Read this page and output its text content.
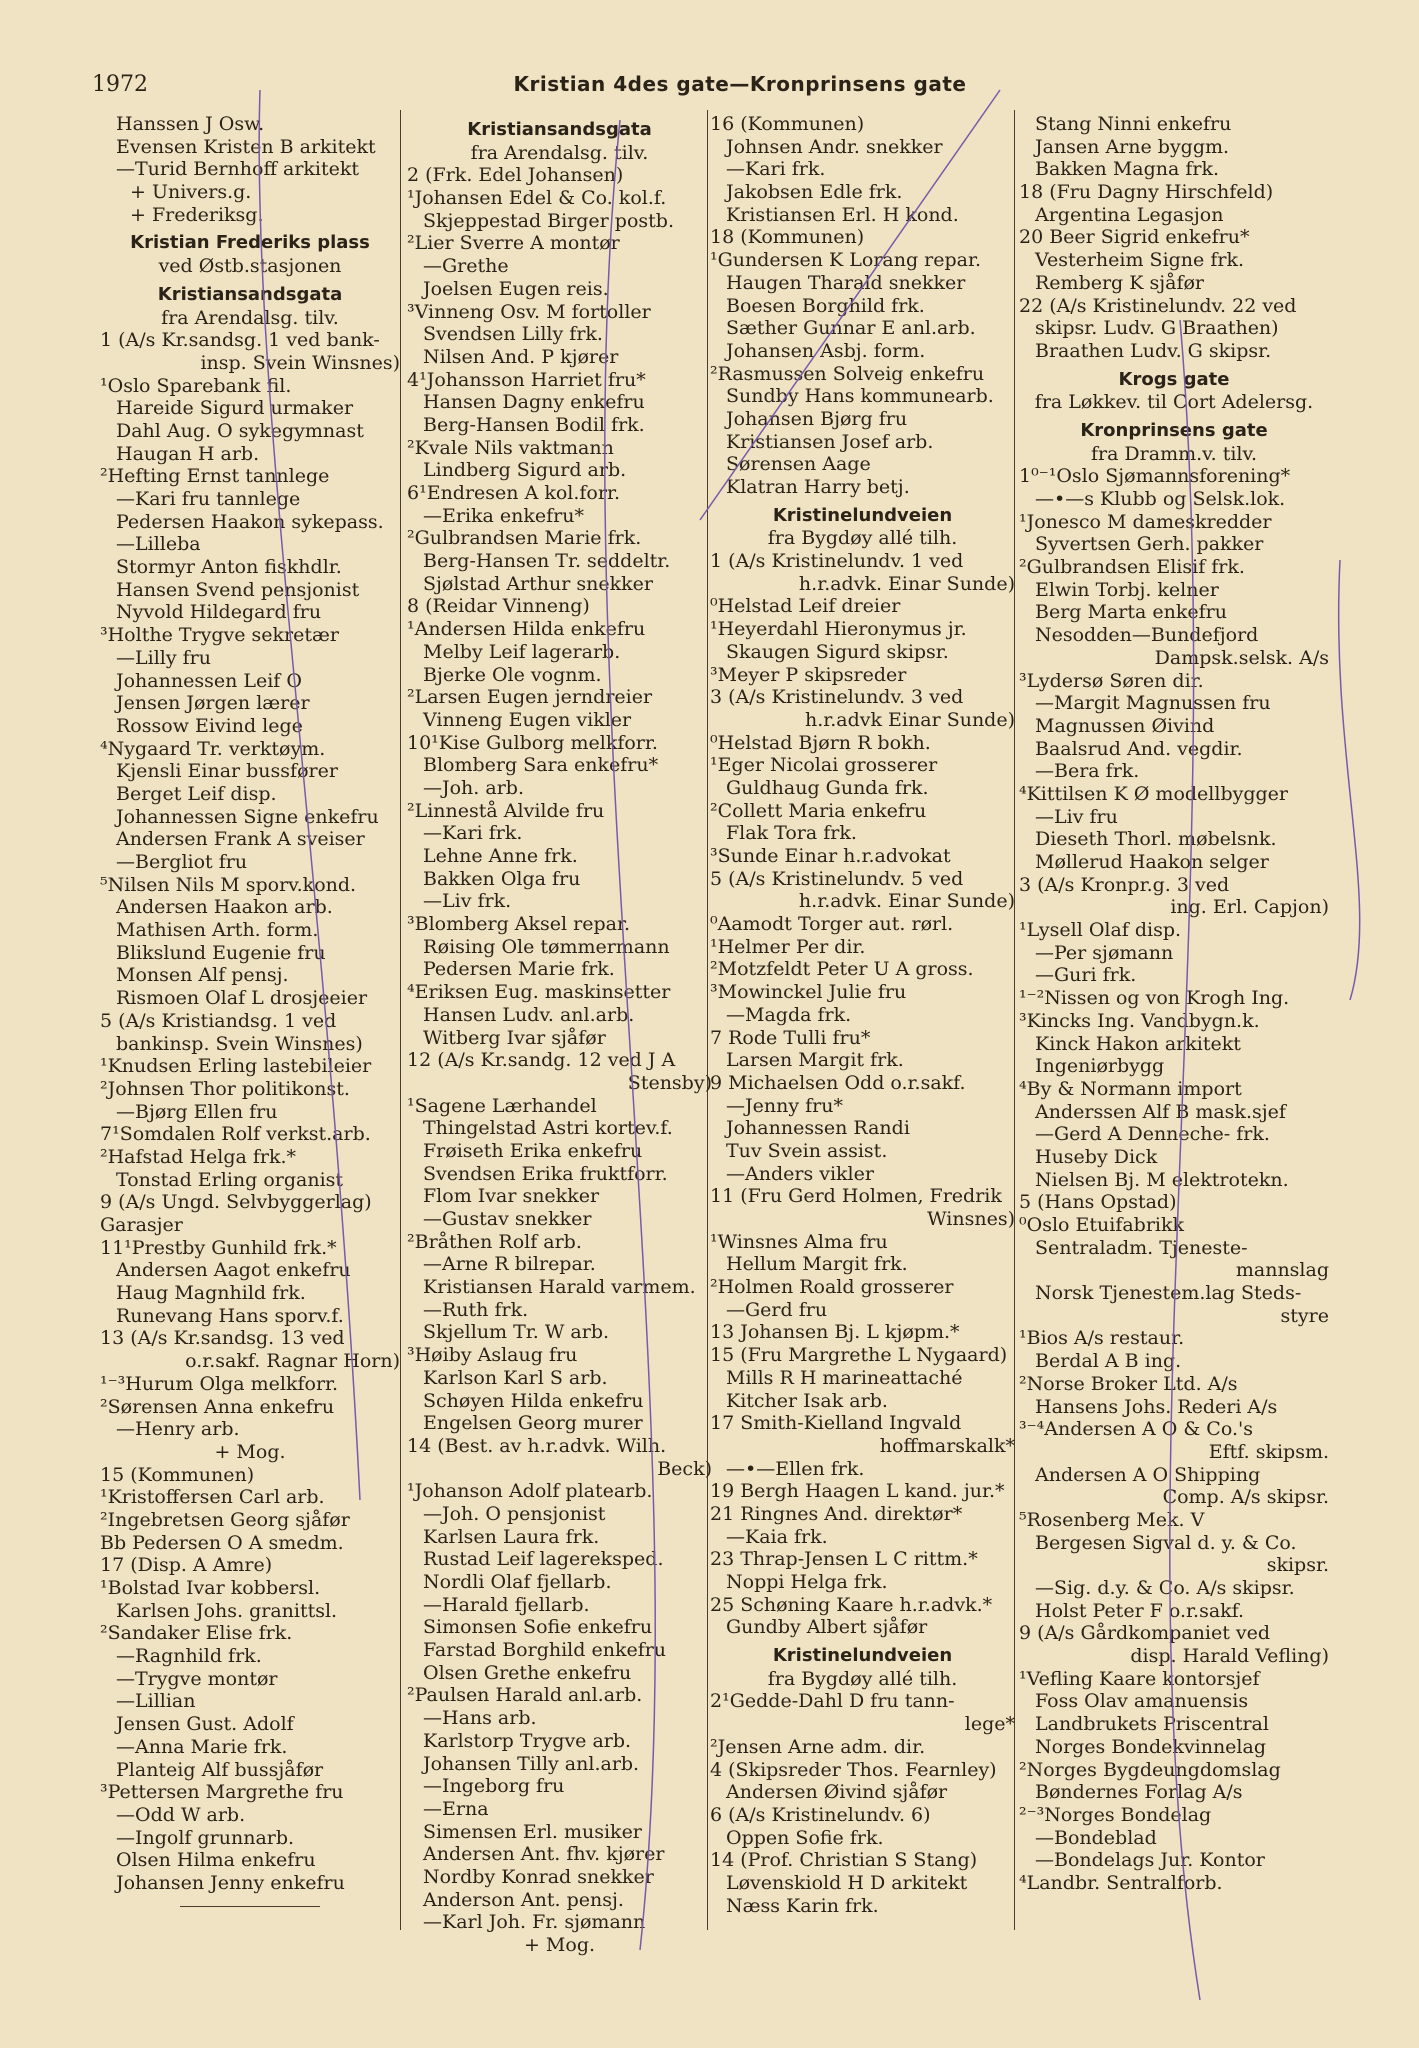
1972	Kristian 4des gate—Kronprinsens gate
Hanssen J Osw.
Evensen Kristen B arkitekt
—Turid Bernhoff arkitekt
+ Univers.g.
+ Frederiksg.
Kristian Frederiks plass
ved Østb.stasjonen
Kristiansandsgata
fra Arendalsg. tilv.
1 (A/s Kr.sandsg. 1 ved bank-
insp. Svein Winsnes)
¹Oslo Sparebank fil.
Hareide Sigurd urmaker
Dahl Aug. O sykegymnast
Haugan H arb.
²Hefting Ernst tannlege
—Kari fru tannlege
Pedersen Haakon sykepass.
—Lilleba
Stormyr Anton fiskhdlr.
Hansen Svend pensjonist
Nyvold Hildegard fru
³Holthe Trygve sekretær
—Lilly fru
Johannessen Leif O
Jensen Jørgen lærer
Rossow Eivind lege
⁴Nygaard Tr. verktøym.
Kjensli Einar bussfører
Berget Leif disp.
Johannessen Signe enkefru
Andersen Frank A sveiser
—Bergliot fru
⁵Nilsen Nils M sporv.kond.
Andersen Haakon arb.
Mathisen Arth. form.
Blikslund Eugenie fru
Monsen Alf pensj.
Rismoen Olaf L drosjeeier
5 (A/s Kristiandsg. 1 ved
bankinsp. Svein Winsnes)
¹Knudsen Erling lastebileier
²Johnsen Thor politikonst.
—Bjørg Ellen fru
7¹Somdalen Rolf verkst.arb.
²Hafstad Helga frk.*
Tonstad Erling organist
9 (A/s Ungd. Selvbyggerlag)
Garasjer
11¹Prestby Gunhild frk.*
Andersen Aagot enkefru
Haug Magnhild frk.
Runevang Hans sporv.f.
13 (A/s Kr.sandsg. 13 ved
o.r.sakf. Ragnar Horn)
¹⁻³Hurum Olga melkforr.
²Sørensen Anna enkefru
—Henry arb.
+ Mog.
15 (Kommunen)
¹Kristoffersen Carl arb.
²Ingebretsen Georg sjåfør
Bb Pedersen O A smedm.
17 (Disp. A Amre)
¹Bolstad Ivar kobbersl.
Karlsen Johs. granittsl.
²Sandaker Elise frk.
—Ragnhild frk.
—Trygve montør
—Lillian
Jensen Gust. Adolf
—Anna Marie frk.
Planteig Alf bussjåfør
³Pettersen Margrethe fru
—Odd W arb.
—Ingolf grunnarb.
Olsen Hilma enkefru
Johansen Jenny enkefru
Kristiansandsgata
fra Arendalsg. tilv.
2 (Frk. Edel Johansen)
¹Johansen Edel & Co. kol.f.
Skjeppestad Birger postb.
²Lier Sverre A montør
—Grethe
Joelsen Eugen reis.
³Vinneng Osv. M fortoller
Svendsen Lilly frk.
Nilsen And. P kjører
4¹Johansson Harriet fru*
Hansen Dagny enkefru
Berg-Hansen Bodil frk.
²Kvale Nils vaktmann
Lindberg Sigurd arb.
6¹Endresen A kol.forr.
—Erika enkefru*
²Gulbrandsen Marie frk.
Berg-Hansen Tr. seddeltr.
Sjølstad Arthur snekker
8 (Reidar Vinneng)
¹Andersen Hilda enkefru
Melby Leif lagerarb.
Bjerke Ole vognm.
²Larsen Eugen jerndreier
Vinneng Eugen vikler
10¹Kise Gulborg melkforr.
Blomberg Sara enkefru*
—Joh. arb.
²Linnestå Alvilde fru
—Kari frk.
Lehne Anne frk.
Bakken Olga fru
—Liv frk.
³Blomberg Aksel repar.
Røising Ole tømmermann
Pedersen Marie frk.
⁴Eriksen Eug. maskinsetter
Hansen Ludv. anl.arb.
Witberg Ivar sjåfør
12 (A/s Kr.sandg. 12 ved J A
Stensby)
¹Sagene Lærhandel
Thingelstad Astri kortev.f.
Frøiseth Erika enkefru
Svendsen Erika fruktforr.
Flom Ivar snekker
—Gustav snekker
²Bråthen Rolf arb.
—Arne R bilrepar.
Kristiansen Harald varmem.
—Ruth frk.
Skjellum Tr. W arb.
³Høiby Aslaug fru
Karlson Karl S arb.
Schøyen Hilda enkefru
Engelsen Georg murer
14 (Best. av h.r.advk. Wilh.
Beck)
¹Johanson Adolf platearb.
—Joh. O pensjonist
Karlsen Laura frk.
Rustad Leif lagereksped.
Nordli Olaf fjellarb.
—Harald fjellarb.
Simonsen Sofie enkefru
Farstad Borghild enkefru
Olsen Grethe enkefru
²Paulsen Harald anl.arb.
—Hans arb.
Karlstorp Trygve arb.
Johansen Tilly anl.arb.
—Ingeborg fru
—Erna
Simensen Erl. musiker
Andersen Ant. fhv. kjører
Nordby Konrad snekker
Anderson Ant. pensj.
—Karl Joh. Fr. sjømann
+ Mog.
16 (Kommunen)
Johnsen Andr. snekker
—Kari frk.
Jakobsen Edle frk.
Kristiansen Erl. H kond.
18 (Kommunen)
¹Gundersen K Lorang repar.
Haugen Tharald snekker
Boesen Borghild frk.
Sæther Gunnar E anl.arb.
Johansen Asbj. form.
²Rasmussen Solveig enkefru
Sundby Hans kommunearb.
Johansen Bjørg fru
Kristiansen Josef arb.
Sørensen Aage
Klatran Harry betj.
Kristinelundveien
fra Bygdøy allé tilh.
1 (A/s Kristinelundv. 1 ved
h.r.advk. Einar Sunde)
⁰Helstad Leif dreier
¹Heyerdahl Hieronymus jr.
Skaugen Sigurd skipsr.
³Meyer P skipsreder
3 (A/s Kristinelundv. 3 ved
h.r.advk Einar Sunde)
⁰Helstad Bjørn R bokh.
¹Eger Nicolai grosserer
Guldhaug Gunda frk.
²Collett Maria enkefru
Flak Tora frk.
³Sunde Einar h.r.advokat
5 (A/s Kristinelundv. 5 ved
h.r.advk. Einar Sunde)
⁰Aamodt Torger aut. rørl.
¹Helmer Per dir.
²Motzfeldt Peter U A gross.
³Mowinckel Julie fru
—Magda frk.
7 Rode Tulli fru*
Larsen Margit frk.
9 Michaelsen Odd o.r.sakf.
—Jenny fru*
Johannessen Randi
Tuv Svein assist.
—Anders vikler
11 (Fru Gerd Holmen, Fredrik
Winsnes)
¹Winsnes Alma fru
Hellum Margit frk.
²Holmen Roald grosserer
—Gerd fru
13 Johansen Bj. L kjøpm.*
15 (Fru Margrethe L Nygaard)
Mills R H marineattaché
Kitcher Isak arb.
17 Smith-Kielland Ingvald
hoffmarskalk*
—•—Ellen frk.
19 Bergh Haagen L kand. jur.*
21 Ringnes And. direktør*
—Kaia frk.
23 Thrap-Jensen L C rittm.*
Noppi Helga frk.
25 Schøning Kaare h.r.advk.*
Gundby Albert sjåfør
Kristinelundveien
fra Bygdøy allé tilh.
2¹Gedde-Dahl D fru tann-
lege*
²Jensen Arne adm. dir.
4 (Skipsreder Thos. Fearnley)
Andersen Øivind sjåfør
6 (A/s Kristinelundv. 6)
Oppen Sofie frk.
14 (Prof. Christian S Stang)
Løvenskiold H D arkitekt
Næss Karin frk.
Stang Ninni enkefru
Jansen Arne byggm.
Bakken Magna frk.
18 (Fru Dagny Hirschfeld)
Argentina Legasjon
20 Beer Sigrid enkefru*
Vesterheim Signe frk.
Remberg K sjåfør
22 (A/s Kristinelundv. 22 ved
skipsr. Ludv. G Braathen)
Braathen Ludv. G skipsr.
Krogs gate
fra Løkkev. til Cort Adelersg.
Kronprinsens gate
fra Dramm.v. tilv.
1⁰⁻¹Oslo Sjømannsforening*
—•—s Klubb og Selsk.lok.
¹Jonesco M dameskredder
Syvertsen Gerh. pakker
²Gulbrandsen Elisif frk.
Elwin Torbj. kelner
Berg Marta enkefru
Nesodden—Bundefjord
Dampsk.selsk. A/s
³Lydersø Søren dir.
—Margit Magnussen fru
Magnussen Øivind
Baalsrud And. vegdir.
—Bera frk.
⁴Kittilsen K Ø modellbygger
—Liv fru
Dieseth Thorl. møbelsnk.
Møllerud Haakon selger
3 (A/s Kronpr.g. 3 ved
ing. Erl. Capjon)
¹Lysell Olaf disp.
—Per sjømann
—Guri frk.
¹⁻²Nissen og von Krogh Ing.
³Kincks Ing. Vandbygn.k.
Kinck Hakon arkitekt
Ingeniørbygg
⁴By & Normann import
Anderssen Alf B mask.sjef
—Gerd A Denneche- frk.
Huseby Dick
Nielsen Bj. M elektrotekn.
5 (Hans Opstad)
⁰Oslo Etuifabrikk
Sentraladm. Tjeneste-
mannslag
Norsk Tjenestem.lag Steds-
styre
¹Bios A/s restaur.
Berdal A B ing.
²Norse Broker Ltd. A/s
Hansens Johs. Rederi A/s
³⁻⁴Andersen A O & Co.'s
Eftf. skipsm.
Andersen A O Shipping
Comp. A/s skipsr.
⁵Rosenberg Mek. V
Bergesen Sigval d. y. & Co.
skipsr.
—Sig. d.y. & Co. A/s skipsr.
Holst Peter F o.r.sakf.
9 (A/s Gårdkompaniet ved
disp. Harald Vefling)
¹Vefling Kaare kontorsjef
Foss Olav amanuensis
Landbrukets Priscentral
Norges Bondekvinnelag
²Norges Bygdeungdomslag
Bøndernes Forlag A/s
²⁻³Norges Bondelag
—Bondeblad
—Bondelags Jur. Kontor
⁴Landbr. Sentralforb.
